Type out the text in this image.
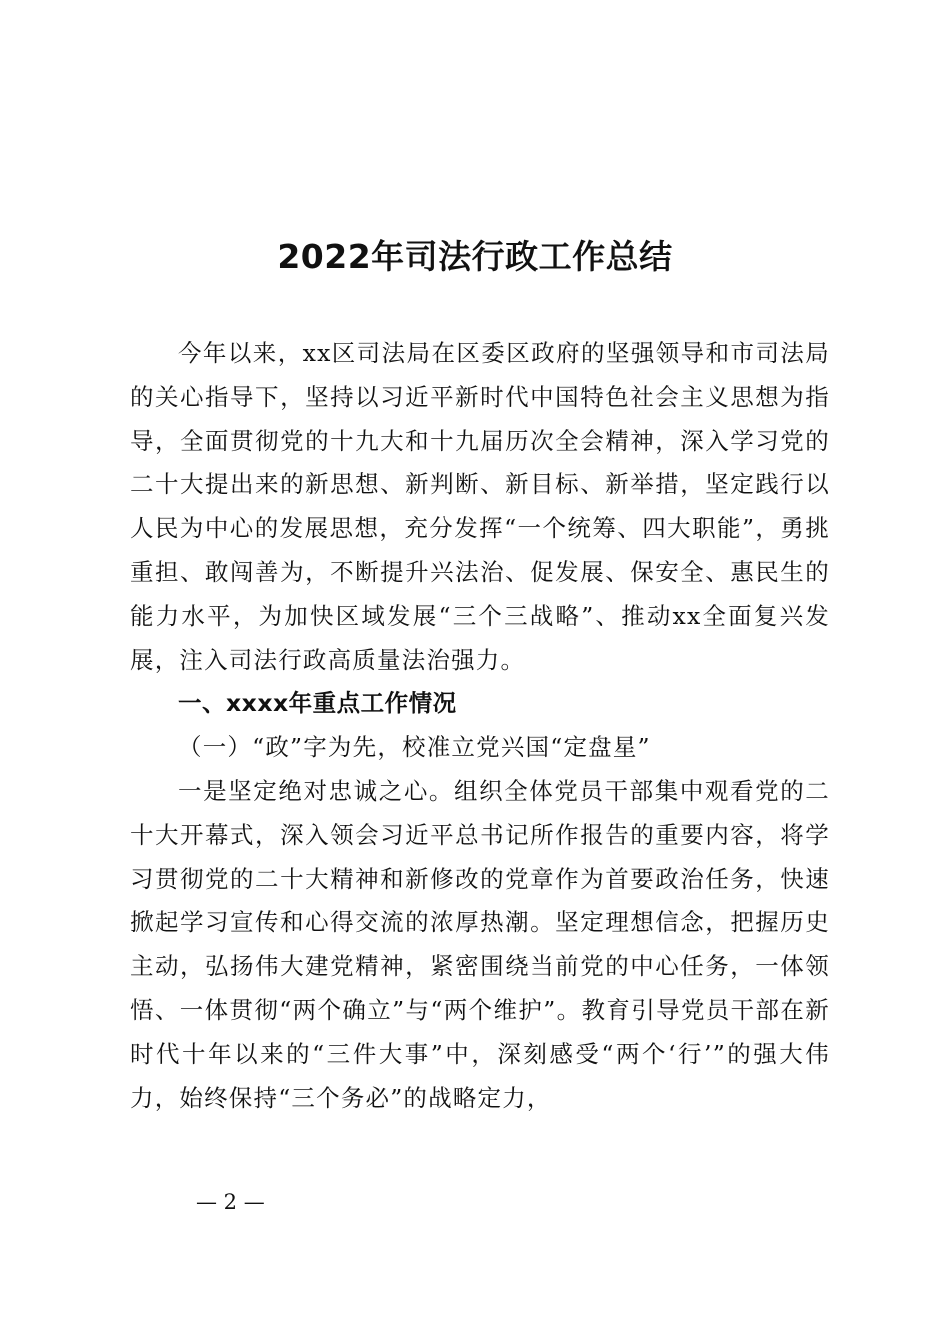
2022年司法行政工作总结

今年以来，xx区司法局在区委区政府的坚强领导和市司法局的关心指导下，坚持以习近平新时代中国特色社会主义思想为指导，全面贯彻党的十九大和十九届历次全会精神，深入学习党的二十大提出来的新思想、新判断、新目标、新举措，坚定践行以人民为中心的发展思想，充分发挥“一个统筹、四大职能”，勇挑重担、敢闯善为，不断提升兴法治、促发展、保安全、惠民生的能力水平，为加快区域发展“三个三战略”、推动xx全面复兴发展，注入司法行政高质量法治强力。

一、xxxx年重点工作情况

（一）“政”字为先，校准立党兴国“定盘星”

一是坚定绝对忠诚之心。组织全体党员干部集中观看党的二十大开幕式，深入领会习近平总书记所作报告的重要内容，将学习贯彻党的二十大精神和新修改的党章作为首要政治任务，快速掀起学习宣传和心得交流的浓厚热潮。坚定理想信念，把握历史主动，弘扬伟大建党精神，紧密围绕当前党的中心任务，一体领悟、一体贯彻“两个确立”与“两个维护”。教育引导党员干部在新时代十年以来的“三件大事”中，深刻感受“两个‘行’”的强大伟力，始终保持“三个务必”的战略定力，

— 2 —
